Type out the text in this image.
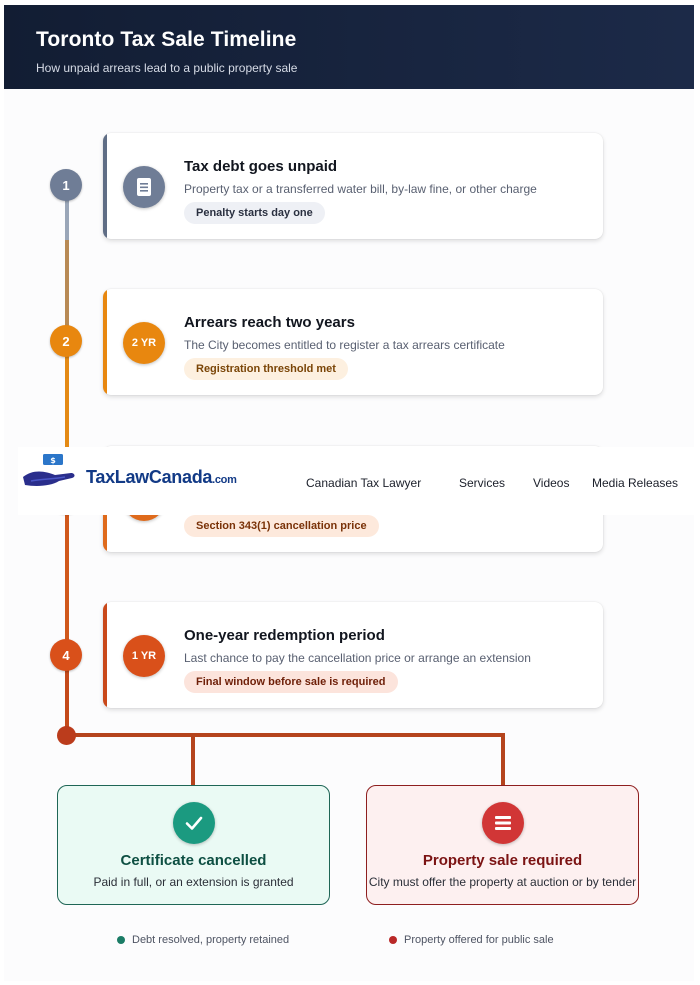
Toronto Tax Sale Timeline
How unpaid arrears lead to a public property sale
1
Tax debt goes unpaid
Property tax or a transferred water bill, by-law fine, or other charge
Penalty starts day one
2	2 YR
Arrears reach two years
The City becomes entitled to register a tax arrears certificate
Registration threshold met
Section 343(1) cancellation price
4	1 YR
One-year redemption period
Last chance to pay the cancellation price or arrange an extension
Final window before sale is required
Certificate cancelled
Paid in full, or an extension is granted
Property sale required
City must offer the property at auction or by tender
Debt resolved, property retained	Property offered for public sale
$
TaxLawCanada.com	Canadian Tax Lawyer	Services Videos Media Releases
